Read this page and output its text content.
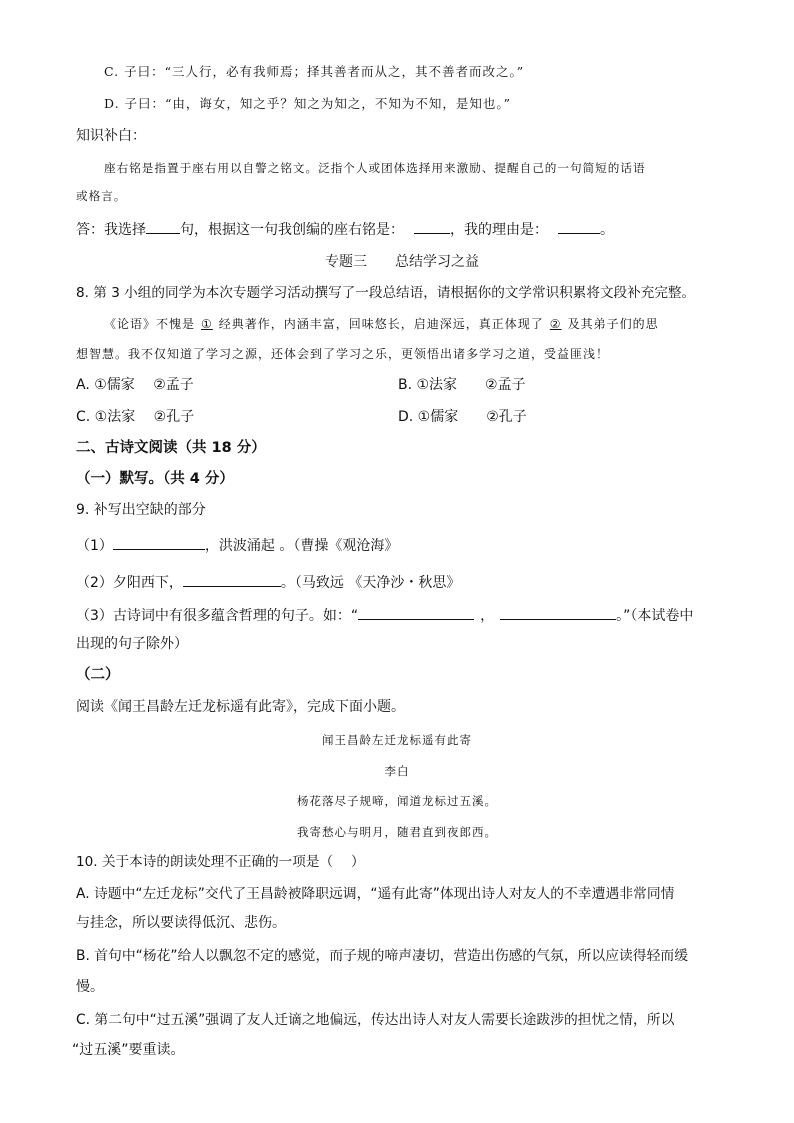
C. 子曰：“三人行，必有我师焉；择其善者而从之，其不善者而改之。”
D. 子曰：“由，诲女，知之乎？知之为知之，不知为不知，是知也。”
知识补白：
座右铭是指置于座右用以自警之铭文。泛指个人或团体选择用来激励、提醒自己的一句简短的话语
或格言。
答：我选择 句，根据这一句我创编的座右铭是：	，我的理由是：	。
专题三　　总结学习之益
8. 第 3 小组的同学为本次专题学习活动撰写了一段总结语，请根据你的文学常识积累将文段补充完整。
《论语》不愧是 ① 经典著作，内涵丰富，回味悠长，启迪深远，真正体现了 ② 及其弟子们的思
想智慧。我不仅知道了学习之源，还体会到了学习之乐，更领悟出诸多学习之道，受益匪浅！
A. ①儒家　 ②孟子	B. ①法家　　②孟子
C. ①法家　 ②孔子	D. ①儒家　　②孔子
二、古诗文阅读（共 18 分）
（一）默写。（共 4 分）
9. 补写出空缺的部分
（1）	，洪波涌起 。（曹操《观沧海》
（2）夕阳西下，	。（马致远 《天净沙・秋思》
（3）古诗词中有很多蕴含哲理的句子。如：“	，	。”（本试卷中
出现的句子除外）
（二）
阅读《闻王昌龄左迁龙标遥有此寄》，完成下面小题。
闻王昌龄左迁龙标遥有此寄
李白
杨花落尽子规啼，闻道龙标过五溪。
我寄愁心与明月，随君直到夜郎西。
10. 关于本诗的朗读处理不正确的一项是（　 ）
A. 诗题中“左迁龙标”交代了王昌龄被降职远调，“遥有此寄”体现出诗人对友人的不幸遭遇非常同情
与挂念，所以要读得低沉、悲伤。
B. 首句中“杨花”给人以飘忽不定的感觉，而子规的啼声凄切，营造出伤感的气氛，所以应读得轻而缓
慢。
C. 第二句中“过五溪”强调了友人迁谪之地偏远，传达出诗人对友人需要长途跋涉的担忧之情，所以
“过五溪”要重读。
